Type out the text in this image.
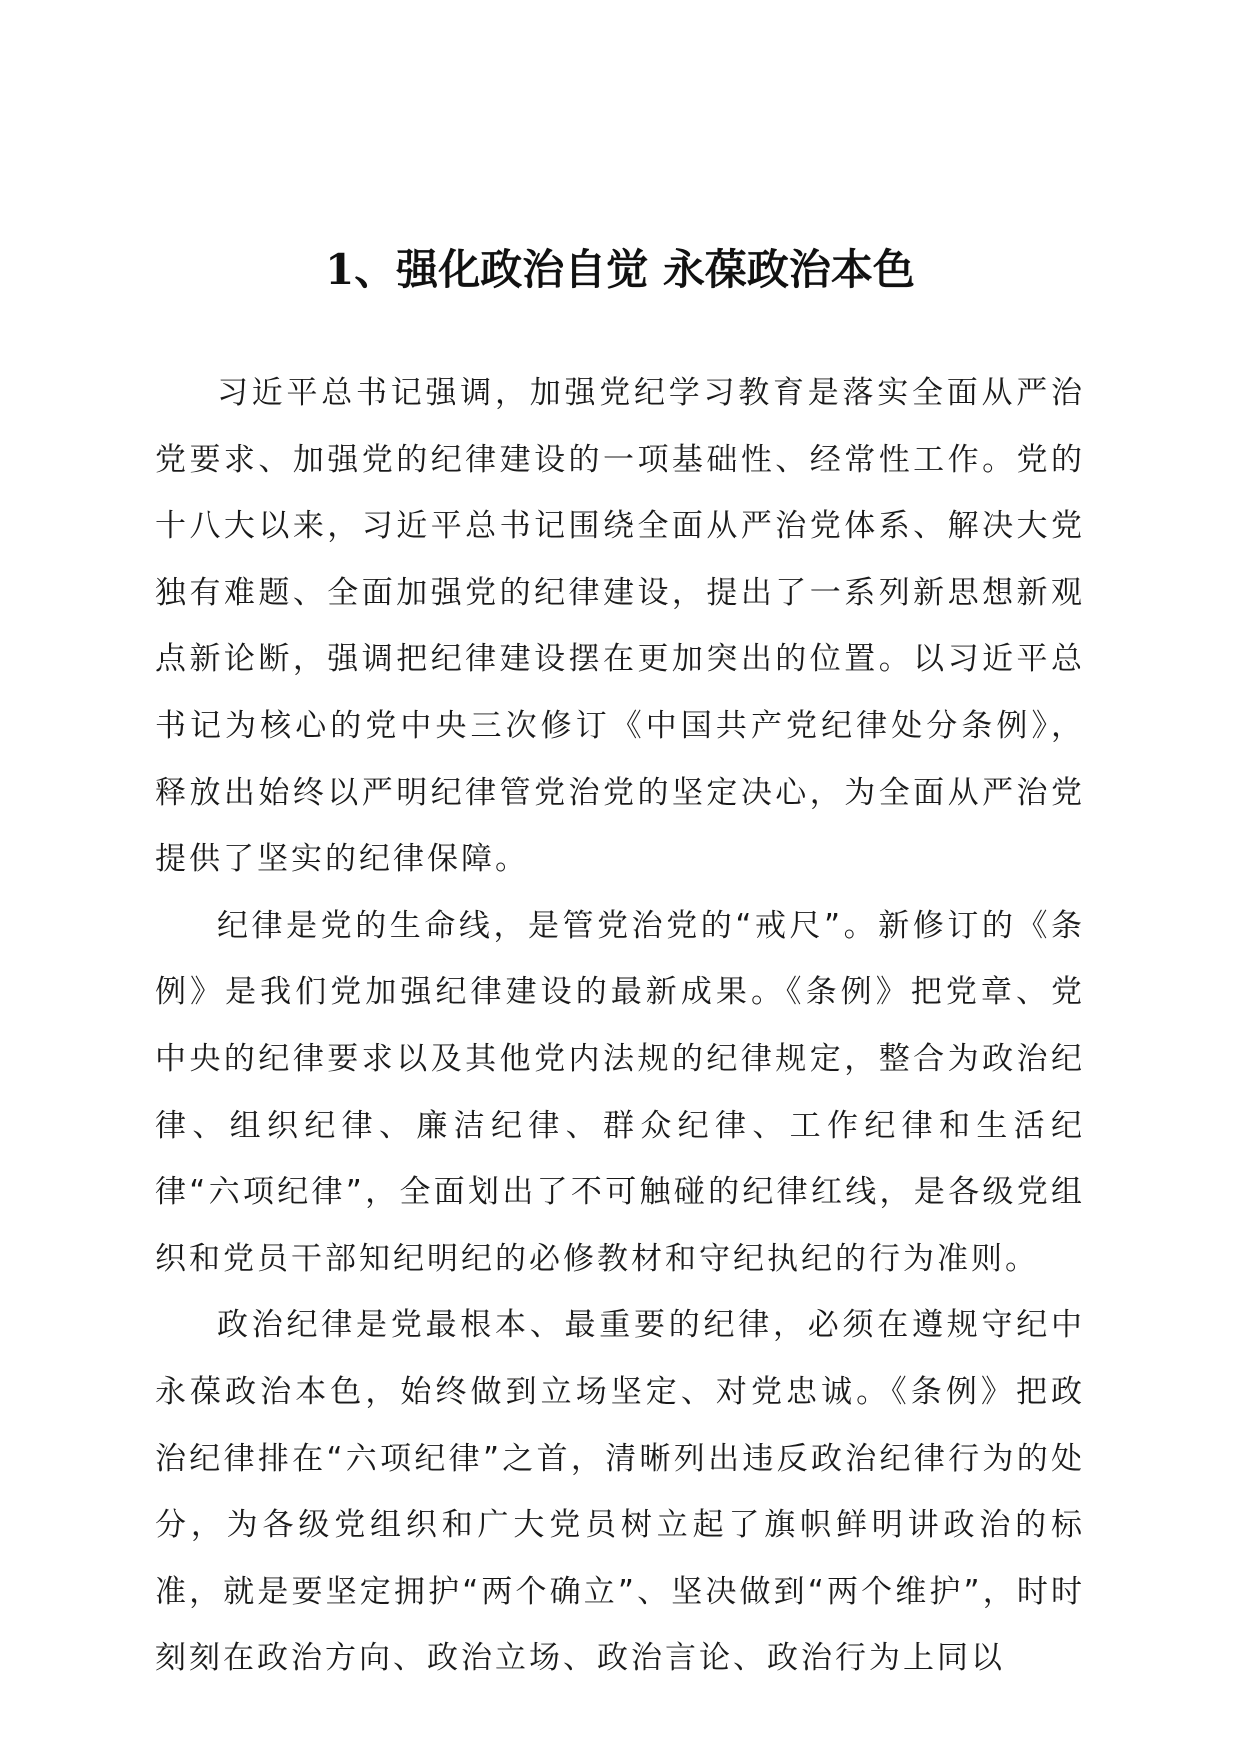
1、强化政治自觉 永葆政治本色

习近平总书记强调，加强党纪学习教育是落实全面从严治党要求、加强党的纪律建设的一项基础性、经常性工作。党的十八大以来，习近平总书记围绕全面从严治党体系、解决大党独有难题、全面加强党的纪律建设，提出了一系列新思想新观点新论断，强调把纪律建设摆在更加突出的位置。以习近平总书记为核心的党中央三次修订《中国共产党纪律处分条例》，释放出始终以严明纪律管党治党的坚定决心，为全面从严治党提供了坚实的纪律保障。

纪律是党的生命线，是管党治党的“戒尺”。新修订的《条例》是我们党加强纪律建设的最新成果。《条例》把党章、党中央的纪律要求以及其他党内法规的纪律规定，整合为政治纪律、组织纪律、廉洁纪律、群众纪律、工作纪律和生活纪律“六项纪律”，全面划出了不可触碰的纪律红线，是各级党组织和党员干部知纪明纪的必修教材和守纪执纪的行为准则。

政治纪律是党最根本、最重要的纪律，必须在遵规守纪中永葆政治本色，始终做到立场坚定、对党忠诚。《条例》把政治纪律排在“六项纪律”之首，清晰列出违反政治纪律行为的处分，为各级党组织和广大党员树立起了旗帜鲜明讲政治的标准，就是要坚定拥护“两个确立”、坚决做到“两个维护”，时时刻刻在政治方向、政治立场、政治言论、政治行为上同以
